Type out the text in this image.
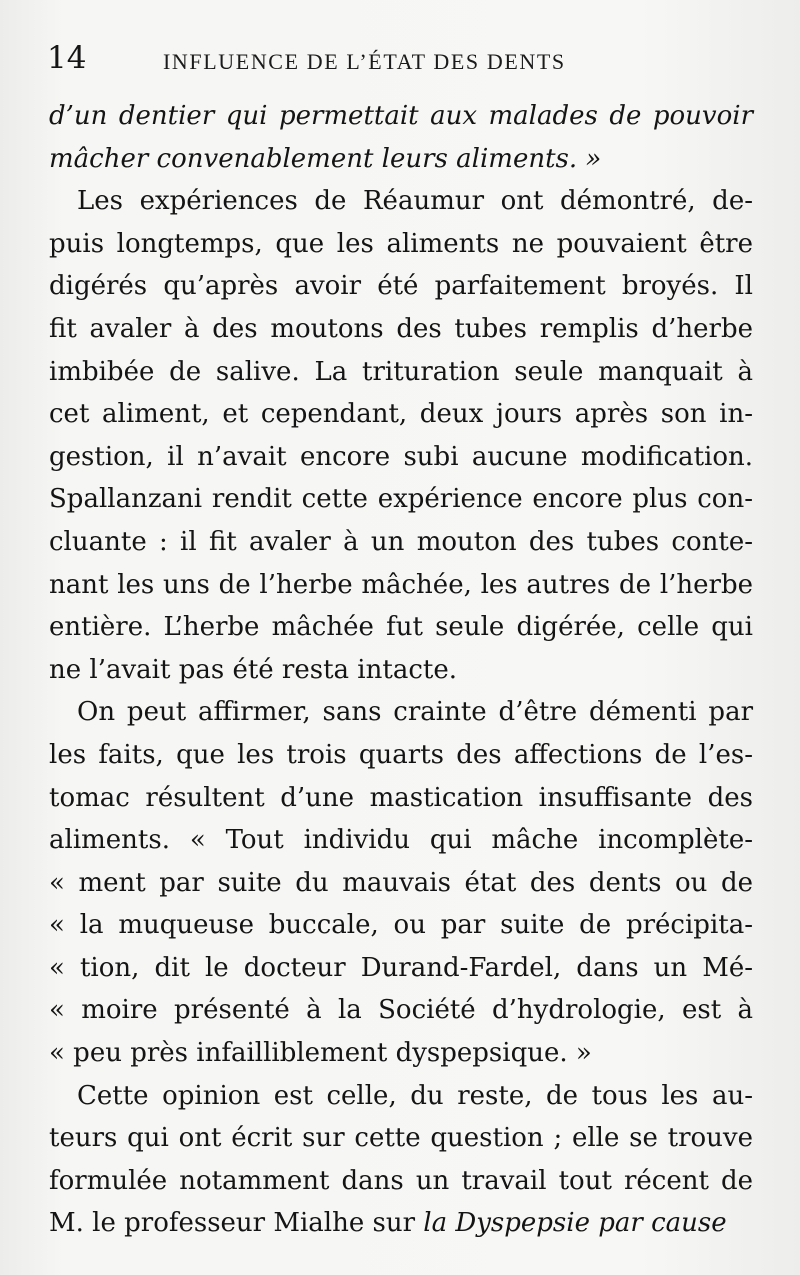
14	INFLUENCE DE L’ÉTAT DES DENTS
d’un dentier qui permettait aux malades de pouvoir
mâcher convenablement leurs aliments. »
Les expériences de Réaumur ont démontré, de-
puis longtemps, que les aliments ne pouvaient être
digérés qu’après avoir été parfaitement broyés. Il
fit avaler à des moutons des tubes remplis d’herbe
imbibée de salive. La trituration seule manquait à
cet aliment, et cependant, deux jours après son in-
gestion, il n’avait encore subi aucune modification.
Spallanzani rendit cette expérience encore plus con-
cluante : il fit avaler à un mouton des tubes conte-
nant les uns de l’herbe mâchée, les autres de l’herbe
entière. L’herbe mâchée fut seule digérée, celle qui
ne l’avait pas été resta intacte.
On peut affirmer, sans crainte d’être démenti par
les faits, que les trois quarts des affections de l’es-
tomac résultent d’une mastication insuffisante des
aliments. « Tout individu qui mâche incomplète-
« ment par suite du mauvais état des dents ou de
« la muqueuse buccale, ou par suite de précipita-
« tion, dit le docteur Durand-Fardel, dans un Mé-
« moire présenté à la Société d’hydrologie, est à
« peu près infailliblement dyspepsique. »
Cette opinion est celle, du reste, de tous les au-
teurs qui ont écrit sur cette question ; elle se trouve
formulée notamment dans un travail tout récent de
M. le professeur Mialhe sur la Dyspepsie par cause
